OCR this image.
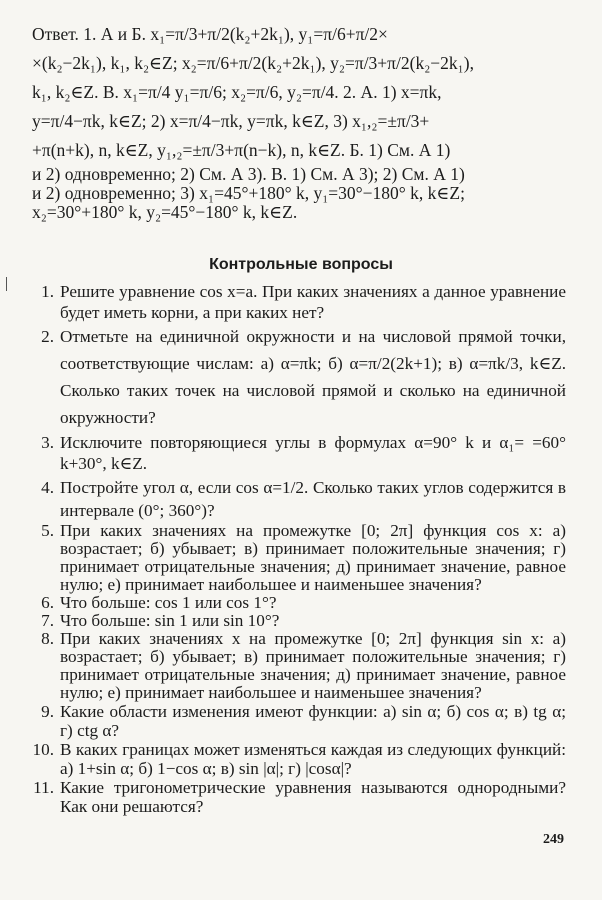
Ответ. 1. А и Б. x₁=π/3+π/2(k₂+2k₁), y₁=π/6+π/2×

×(k₂−2k₁), k₁, k₂∈Z; x₂=π/6+π/2(k₂+2k₁), y₂=π/3+π/2(k₂−2k₁),

k₁, k₂∈Z. В. x₁=π/4 y₁=π/6; x₂=π/6, y₂=π/4. 2. А. 1) x=πk,

y=π/4−πk, k∈Z; 2) x=π/4−πk, y=πk, k∈Z, 3) x₁,₂=±π/3+

+π(n+k), n, k∈Z, y₁,₂=±π/3+π(n−k), n, k∈Z. Б. 1) См. А 1)

и 2) одновременно; 2) См. А 3). В. 1) См. А 3); 2) См. А 1)

и 2) одновременно; 3) x₁=45°+180° k, y₁=30°−180° k, k∈Z;

x₂=30°+180° k, y₂=45°−180° k, k∈Z.

Контрольные вопросы
1. Решите уравнение cos x=a. При каких значениях a данное уравнение будет иметь корни, а при каких нет?
2. Отметьте на единичной окружности и на числовой прямой точки, соответствующие числам: а) α=πk; б) α=π/2(2k+1); в) α=πk/3, k∈Z. Сколько таких точек на числовой прямой и сколько на единичной окружности?
3. Исключите повторяющиеся углы в формулах α=90° k и α₁= =60° k+30°, k∈Z.
4. Постройте угол α, если cos α=1/2. Сколько таких углов содержится в интервале (0°; 360°)?
5. При каких значениях на промежутке [0; 2π] функция cos x: а) возрастает; б) убывает; в) принимает положительные значения; г) принимает отрицательные значения; д) принимает значение, равное нулю; е) принимает наибольшее и наименьшее значения?
6. Что больше: cos 1 или cos 1°?
7. Что больше: sin 1 или sin 10°?
8. При каких значениях x на промежутке [0; 2π] функция sin x: а) возрастает; б) убывает; в) принимает положительные значения; г) принимает отрицательные значения; д) принимает значение, равное нулю; е) принимает наибольшее и наименьшее значения?
9. Какие области изменения имеют функции: а) sin α; б) cos α; в) tg α; г) ctg α?
10. В каких границах может изменяться каждая из следующих функций: а) 1+sin α; б) 1−cos α; в) sin |α|; г) |cosα|?
11. Какие тригонометрические уравнения называются однородными? Как они решаются?
249
